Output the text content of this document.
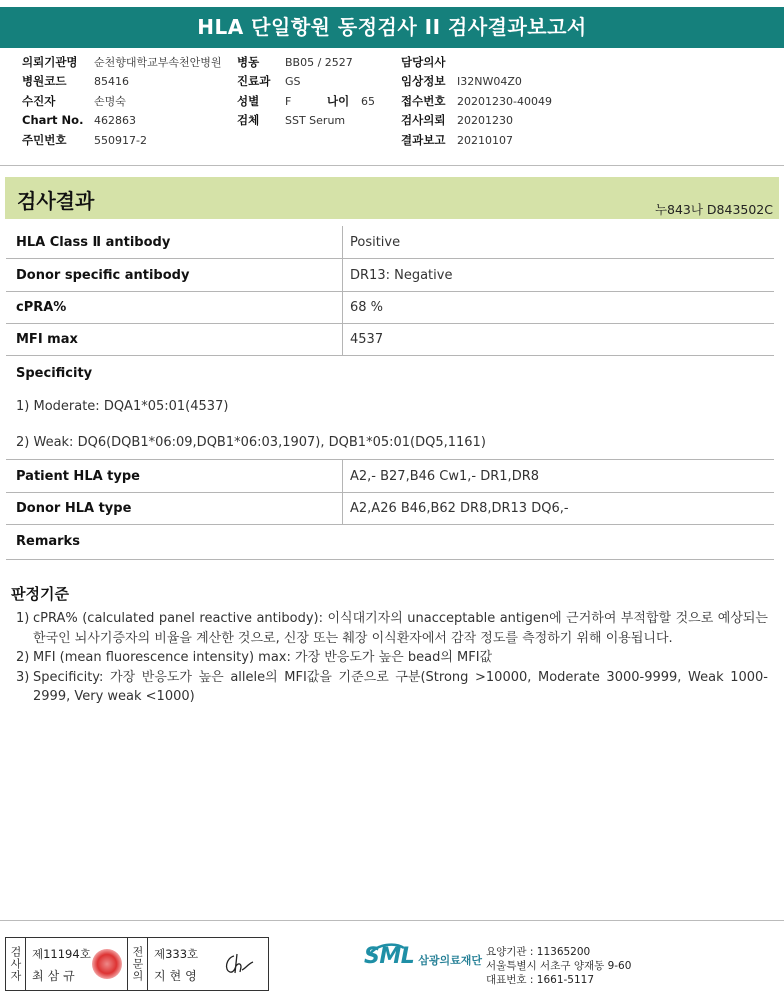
HLA 단일항원 동정검사 II 검사결과보고서
의뢰기관명	순천향대학교부속천안병원
병원코드	85416
수진자	손명숙
Chart No. 462863
주민번호	550917-2
병동	BB05 / 2527
진료과	GS
성별	F	나이	65
검체	SST Serum
담당의사
임상정보	I32NW04Z0
접수번호	20201230-40049
검사의뢰	20201230
결과보고	20210107
검사결과	누843나 D843502C
HLA Class Ⅱ antibody	Positive
Donor specific antibody	DR13: Negative
cPRA%	68 %
MFI max	4537
Specificity
1) Moderate: DQA1*05:01(4537)
2) Weak: DQ6(DQB1*06:09,DQB1*06:03,1907), DQB1*05:01(DQ5,1161)
Patient HLA type	A2,- B27,B46 Cw1,- DR1,DR8
Donor HLA type	A2,A26 B46,B62 DR8,DR13 DQ6,-
Remarks
판정기준
1) cPRA% (calculated panel reactive antibody): 이식대기자의 unacceptable antigen에 근거하여 부적합할 것으로 예상되는 한국인 뇌사기증자의 비율을 계산한 것으로, 신장 또는 췌장 이식환자에서 감작 정도를 측정하기 위해 이용됩니다.
2) MFI (mean fluorescence intensity) max: 가장 반응도가 높은 bead의 MFI값
3) Specificity: 가장 반응도가 높은 allele의 MFI값을 기준으로 구분(Strong >10000, Moderate 3000-9999, Weak 1000-2999, Very weak <1000)
검사자 제11194호
최삼규	전문의 제333호
지현영
SML 삼광의료재단
요양기관 : 11365200
서울특별시 서초구 양재동 9-60
대표번호 : 1661-5117
